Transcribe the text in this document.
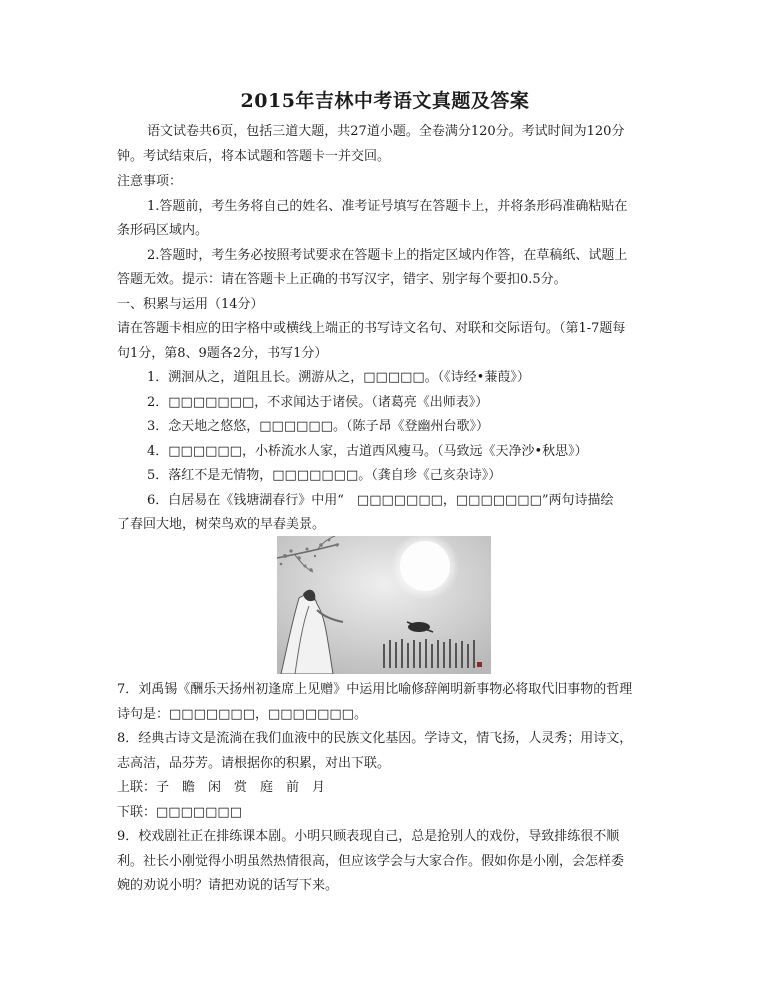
2015年吉林中考语文真题及答案
语文试卷共6页，包括三道大题，共27道小题。全卷满分120分。考试时间为120分
钟。考试结束后，将本试题和答题卡一并交回。
注意事项：
1.答题前，考生务将自己的姓名、准考证号填写在答题卡上，并将条形码准确粘贴在
条形码区域内。
2.答题时，考生务必按照考试要求在答题卡上的指定区域内作答，在草稿纸、试题上
答题无效。提示：请在答题卡上正确的书写汉字，错字、别字每个要扣0.5分。
一、积累与运用（14分）
请在答题卡相应的田字格中或横线上端正的书写诗文名句、对联和交际语句。（第1-7题每
句1分，第8、9题各2分，书写1分）
1．溯洄从之，道阻且长。溯游从之，□□□□□。（《诗经•蒹葭》）
2．□□□□□□□，不求闻达于诸侯。（诸葛亮《出师表》）
3．念天地之悠悠，□□□□□□。（陈子昂《登幽州台歌》）
4．□□□□□□，小桥流水人家，古道西风瘦马。（马致远《天净沙•秋思》）
5．落红不是无情物，□□□□□□□。（龚自珍《己亥杂诗》）
6．白居易在《钱塘湖春行》中用“　□□□□□□□，□□□□□□□”两句诗描绘
了春回大地，树荣鸟欢的早春美景。
7．刘禹锡《酬乐天扬州初逢席上见赠》中运用比喻修辞阐明新事物必将取代旧事物的哲理
诗句是：□□□□□□□，□□□□□□□。
8．经典古诗文是流淌在我们血液中的民族文化基因。学诗文，情飞扬，人灵秀；用诗文，
志高洁，品芬芳。请根据你的积累，对出下联。
上联：子　瞻　闲　赏　庭　前　月
下联：□□□□□□□
9．校戏剧社正在排练课本剧。小明只顾表现自己，总是抢别人的戏份，导致排练很不顺
利。社长小刚觉得小明虽然热情很高，但应该学会与大家合作。假如你是小刚，会怎样委
婉的劝说小明？请把劝说的话写下来。
